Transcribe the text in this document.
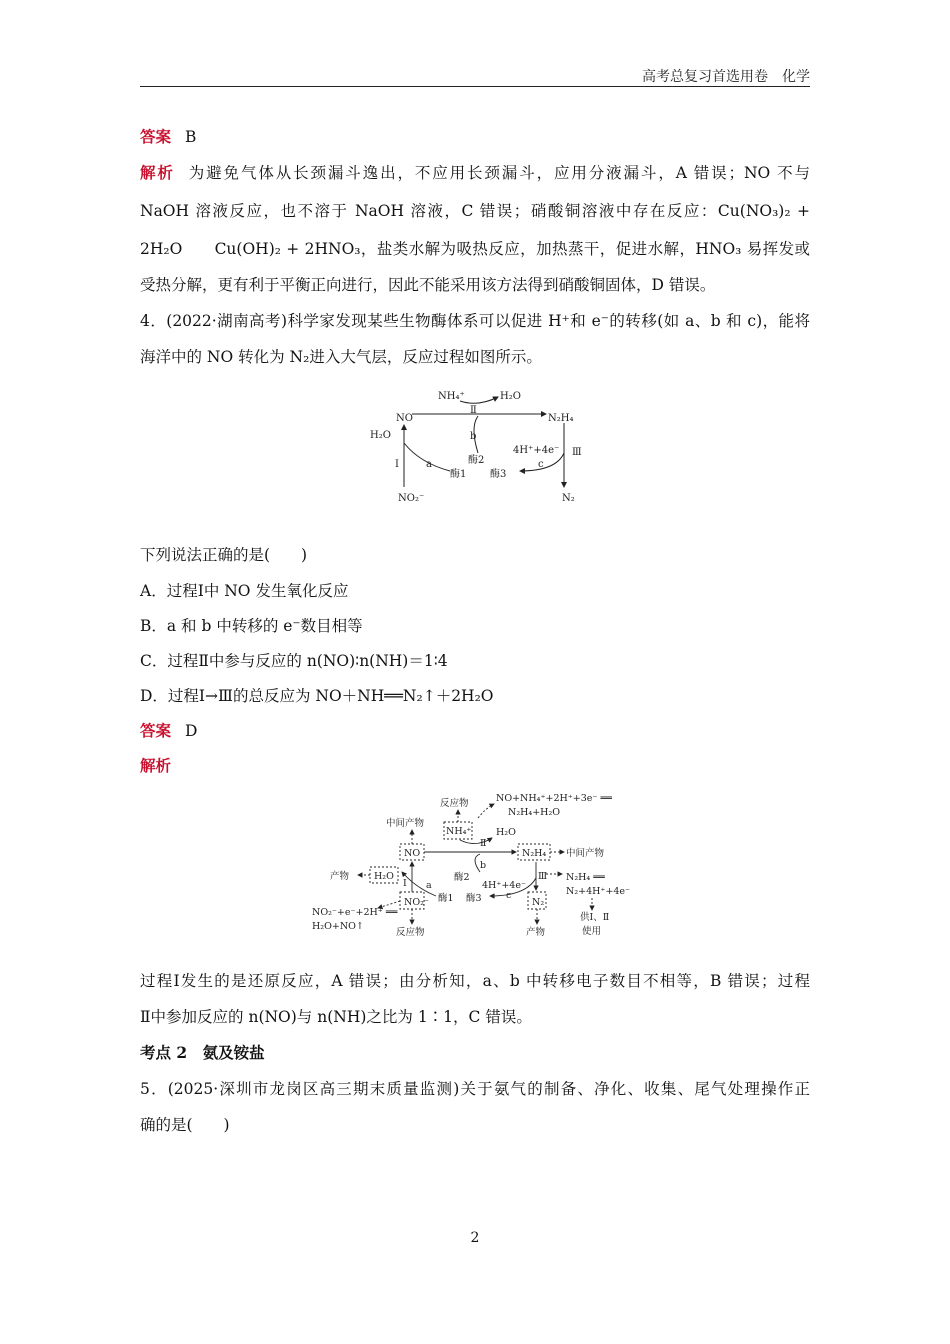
高考总复习首选用卷　化学
答案 B
解析 为避免气体从长颈漏斗逸出，不应用长颈漏斗，应用分液漏斗，A 错误；NO 不与
NaOH 溶液反应，也不溶于 NaOH 溶液，C 错误；硝酸铜溶液中存在反应：Cu(NO₃)₂ +
2H₂O　　Cu(OH)₂ + 2HNO₃，盐类水解为吸热反应，加热蒸干，促进水解，HNO₃ 易挥发或
受热分解，更有利于平衡正向进行，因此不能采用该方法得到硝酸铜固体，D 错误。
4．(2022·湖南高考)科学家发现某些生物酶体系可以促进 H⁺和 e⁻的转移(如 a、b 和 c)，能将
海洋中的 NO 转化为 N₂进入大气层，反应过程如图所示。
NH₄⁺	H₂O
NO	N₂H₄
H₂O
Ⅱ
b
Ⅰ	a	酶2
酶1 酶3
4H⁺+4e⁻
c
Ⅲ
NO₂⁻	N₂
下列说法正确的是(　　)
A．过程Ⅰ中 NO 发生氧化反应
B．a 和 b 中转移的 e⁻数目相等
C．过程Ⅱ中参与反应的 n(NO)∶n(NH)＝1∶4
D．过程Ⅰ→Ⅲ的总反应为 NO＋NH══N₂↑＋2H₂O
答案 D
解析
反应物	NO+NH₄⁺+2H⁺+3e⁻ ══
N₂H₄+H₂O
中间产物
NH₄⁺	H₂O
NO	N₂H₄ 中间产物
Ⅱ
b
产物	H₂O	酶2
Ⅰ a	4H⁺+4e⁻
c
Ⅲ N₂H₄ ══
N₂+4H⁺+4e⁻
酶1 酶3
NO₂⁻	N₂
NO₂⁻+e⁻+2H⁺ ══
H₂O+NO↑
供Ⅰ、Ⅱ
使用
反应物	产物
过程Ⅰ发生的是还原反应，A 错误；由分析知，a、b 中转移电子数目不相等，B 错误；过程
Ⅱ中参加反应的 n(NO)与 n(NH)之比为 1∶1，C 错误。
考点 2　氨及铵盐
5．(2025·深圳市龙岗区高三期末质量监测)关于氨气的制备、净化、收集、尾气处理操作正
确的是(　　)
2
